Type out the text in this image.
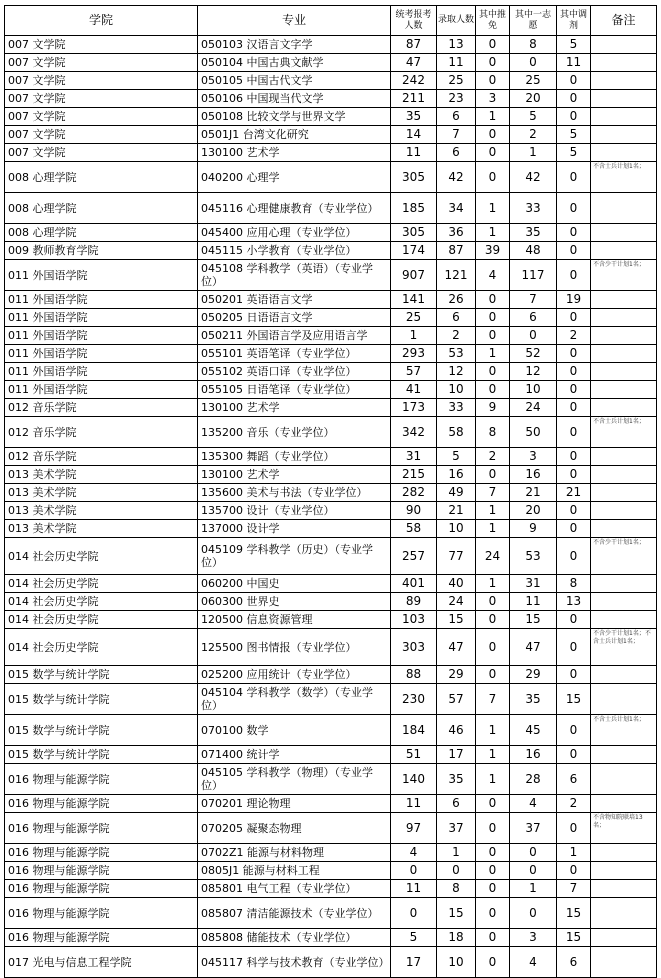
学院	专业	统考报考人数	录取人数	其中推免	其中一志愿	其中调剂	备注
007 文学院	050103 汉语言文字学	87	13	0	8	5	
007 文学院	050104 中国古典文献学	47	11	0	0	11	
007 文学院	050105 中国古代文学	242	25	0	25	0	
007 文学院	050106 中国现当代文学	211	23	3	20	0	
007 文学院	050108 比较文学与世界文学	35	6	1	5	0	
007 文学院	0501J1 台湾文化研究	14	7	0	2	5	
007 文学院	130100 艺术学	11	6	0	1	5	
008 心理学院	040200 心理学	305	42	0	42	0	不含士兵计划1名；
008 心理学院	045116 心理健康教育（专业学位）	185	34	1	33	0	
008 心理学院	045400 应用心理（专业学位）	305	36	1	35	0	
009 教师教育学院	045115 小学教育（专业学位）	174	87	39	48	0	
011 外国语学院	045108 学科教学（英语）（专业学位）	907	121	4	117	0	不含少干计划1名；
011 外国语学院	050201 英语语言文学	141	26	0	7	19	
011 外国语学院	050205 日语语言文学	25	6	0	6	0	
011 外国语学院	050211 外国语言学及应用语言学	1	2	0	0	2	
011 外国语学院	055101 英语笔译（专业学位）	293	53	1	52	0	
011 外国语学院	055102 英语口译（专业学位）	57	12	0	12	0	
011 外国语学院	055105 日语笔译（专业学位）	41	10	0	10	0	
012 音乐学院	130100 艺术学	173	33	9	24	0	
012 音乐学院	135200 音乐（专业学位）	342	58	8	50	0	不含士兵计划1名；
012 音乐学院	135300 舞蹈（专业学位）	31	5	2	3	0	
013 美术学院	130100 艺术学	215	16	0	16	0	
013 美术学院	135600 美术与书法（专业学位）	282	49	7	21	21	
013 美术学院	135700 设计（专业学位）	90	21	1	20	0	
013 美术学院	137000 设计学	58	10	1	9	0	
014 社会历史学院	045109 学科教学（历史）（专业学位）	257	77	24	53	0	不含少干计划1名；
014 社会历史学院	060200 中国史	401	40	1	31	8	
014 社会历史学院	060300 世界史	89	24	0	11	13	
014 社会历史学院	120500 信息资源管理	103	15	0	15	0	
014 社会历史学院	125500 图书情报（专业学位）	303	47	0	47	0	不含少干计划1名；不含士兵计划1名；
015 数学与统计学院	025200 应用统计（专业学位）	88	29	0	29	0	
015 数学与统计学院	045104 学科教学（数学）（专业学位）	230	57	7	35	15	
015 数学与统计学院	070100 数学	184	46	1	45	0	不含士兵计划1名；
015 数学与统计学院	071400 统计学	51	17	1	16	0	
016 物理与能源学院	045105 学科教学（物理）（专业学位）	140	35	1	28	6	
016 物理与能源学院	070201 理论物理	11	6	0	4	2	
016 物理与能源学院	070205 凝聚态物理	97	37	0	37	0	不含物知院联培13名；
016 物理与能源学院	0702Z1 能源与材料物理	4	1	0	0	1	
016 物理与能源学院	0805J1 能源与材料工程	0	0	0	0	0	
016 物理与能源学院	085801 电气工程（专业学位）	11	8	0	1	7	
016 物理与能源学院	085807 清洁能源技术（专业学位）	0	15	0	0	15	
016 物理与能源学院	085808 储能技术（专业学位）	5	18	0	3	15	
017 光电与信息工程学院	045117 科学与技术教育（专业学位）	17	10	0	4	6	
